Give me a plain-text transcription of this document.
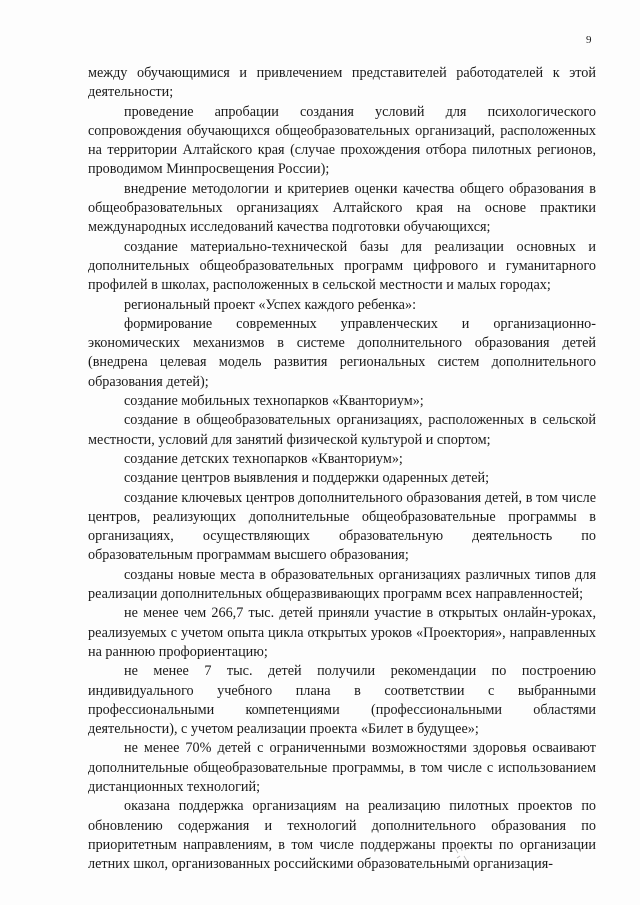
9

между обучающимися и привлечением представителей работодателей к этой деятельности;

проведение апробации создания условий для психологического сопровождения обучающихся общеобразовательных организаций, расположенных на территории Алтайского края (случае прохождения отбора пилотных регионов, проводимом Минпросвещения России);

внедрение методологии и критериев оценки качества общего образования в общеобразовательных организациях Алтайского края на основе практики международных исследований качества подготовки обучающихся;

создание материально-технической базы для реализации основных и дополнительных общеобразовательных программ цифрового и гуманитарного профилей в школах, расположенных в сельской местности и малых городах;

региональный проект «Успех каждого ребенка»:

формирование современных управленческих и организационно-экономических механизмов в системе дополнительного образования детей (внедрена целевая модель развития региональных систем дополнительного образования детей);

создание мобильных технопарков «Кванториум»;

создание в общеобразовательных организациях, расположенных в сельской местности, условий для занятий физической культурой и спортом;

создание детских технопарков «Кванториум»;

создание центров выявления и поддержки одаренных детей;

создание ключевых центров дополнительного образования детей, в том числе центров, реализующих дополнительные общеобразовательные программы в организациях, осуществляющих образовательную деятельность по образовательным программам высшего образования;

созданы новые места в образовательных организациях различных типов для реализации дополнительных общеразвивающих программ всех направленностей;

не менее чем 266,7 тыс. детей приняли участие в открытых онлайн-уроках, реализуемых с учетом опыта цикла открытых уроков «Проектория», направленных на раннюю профориентацию;

не менее 7 тыс. детей получили рекомендации по построению индивидуального учебного плана в соответствии с выбранными профессиональными компетенциями (профессиональными областями деятельности), с учетом реализации проекта «Билет в будущее»;

не менее 70% детей с ограниченными возможностями здоровья осваивают дополнительные общеобразовательные программы, в том числе с использованием дистанционных технологий;

оказана поддержка организациям на реализацию пилотных проектов по обновлению содержания и технологий дополнительного образования по приоритетным направлениям, в том числе поддержаны проекты по организации летних школ, организованных российскими образовательными организация-
